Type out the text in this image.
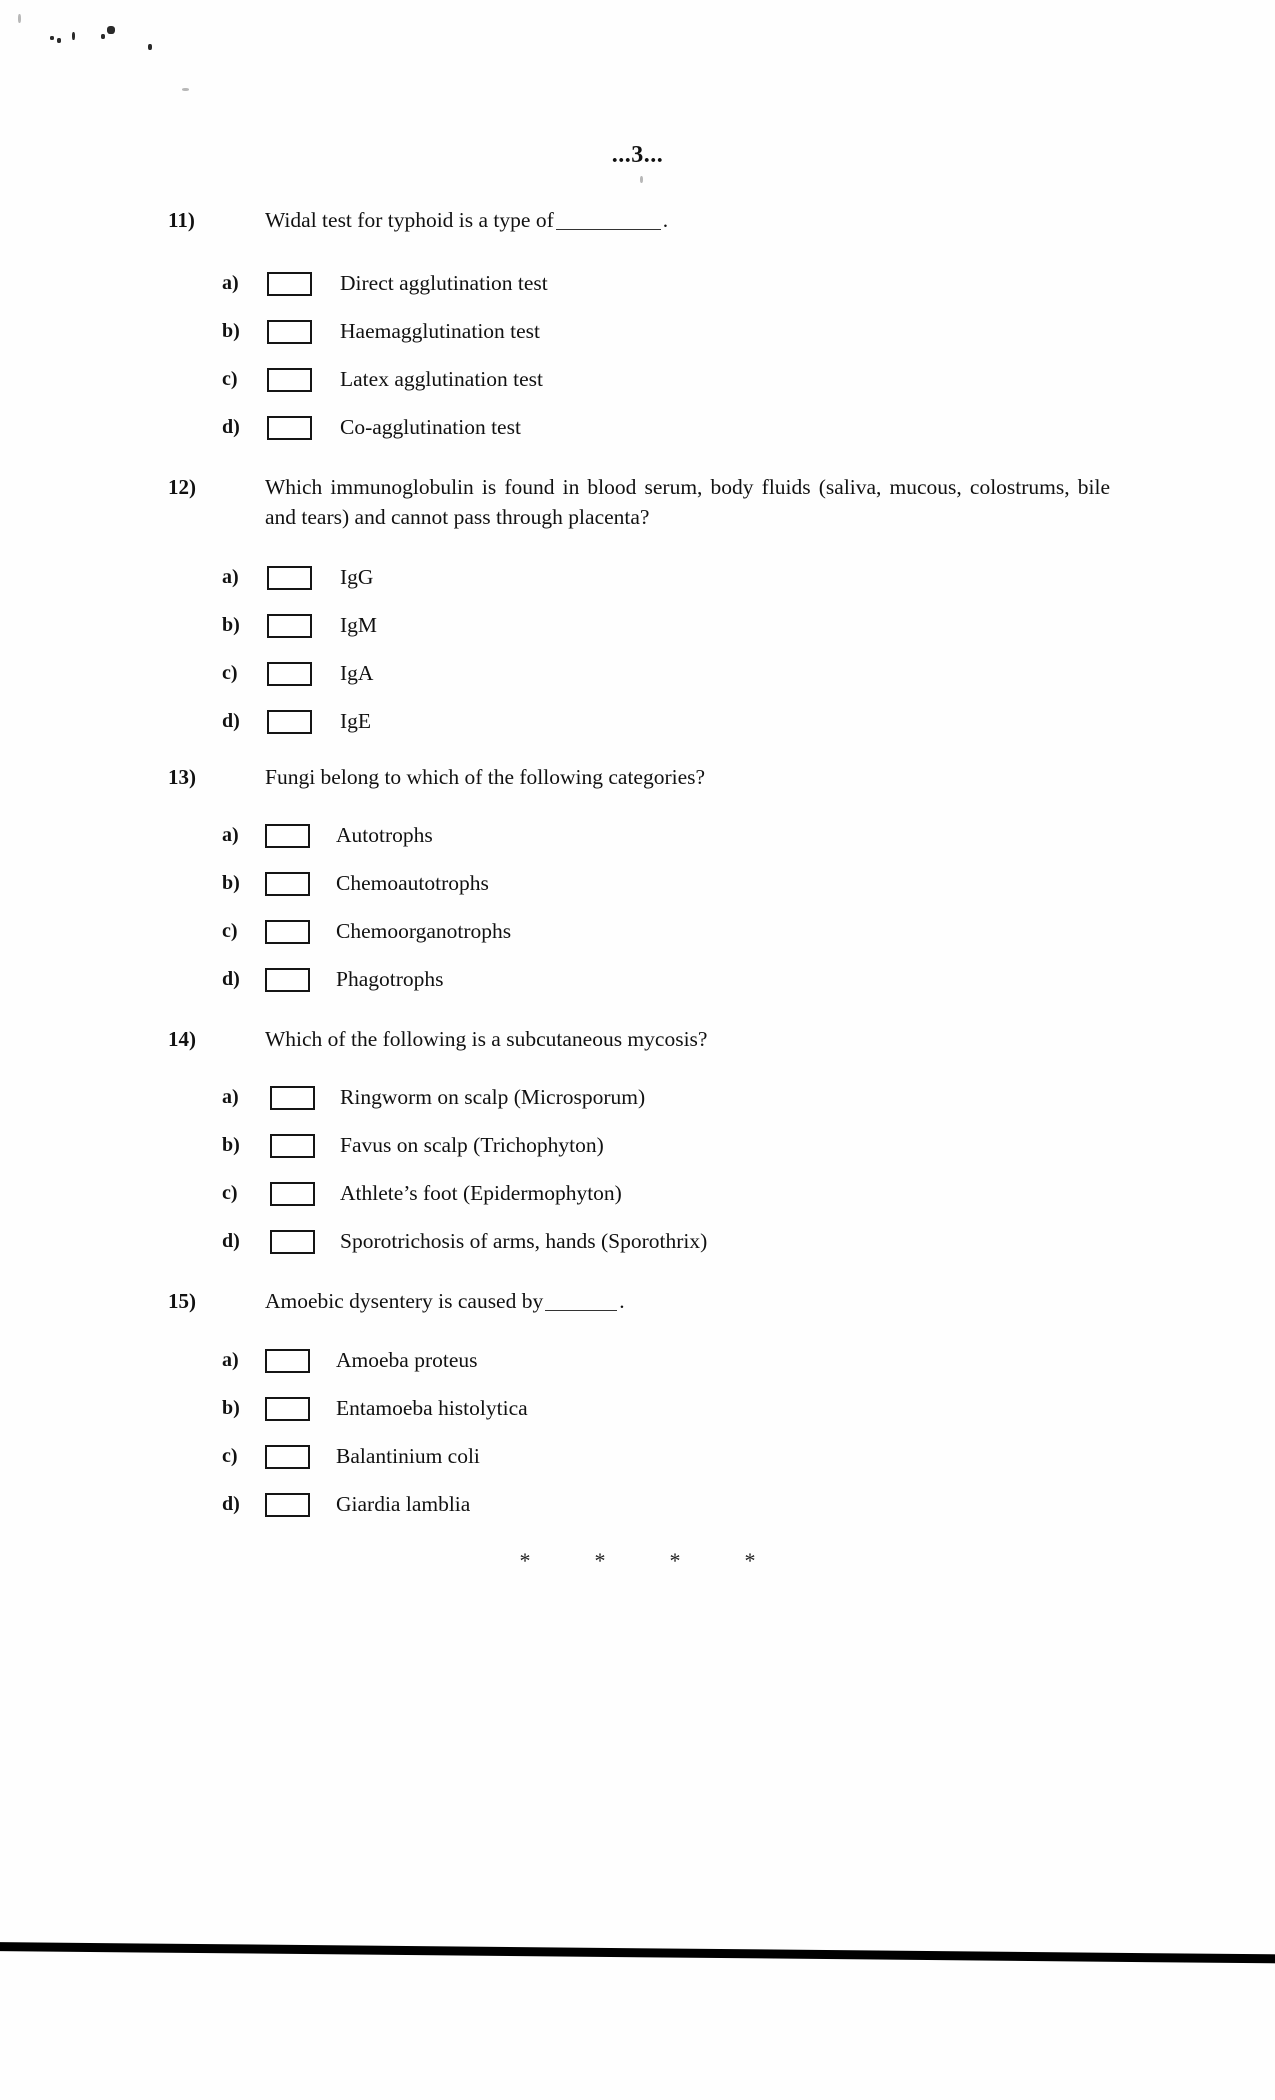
...3...
11)	Widal test for typhoid is a type of	.
a)	Direct agglutination test
b)	Haemagglutination test
c)	Latex agglutination test
d)	Co-agglutination test
12)	Which immunoglobulin is found in blood serum, body fluids (saliva, mucous, colostrums, bile and tears) and cannot pass through placenta?
a)	IgG
b)	IgM
c)	IgA
d)	IgE
13)	Fungi belong to which of the following categories?
a)	Autotrophs
b)	Chemoautotrophs
c)	Chemoorganotrophs
d)	Phagotrophs
14)	Which of the following is a subcutaneous mycosis?
a)	Ringworm on scalp (Microsporum)
b)	Favus on scalp (Trichophyton)
c)	Athlete’s foot (Epidermophyton)
d)	Sporotrichosis of arms, hands (Sporothrix)
15)	Amoebic dysentery is caused by	.
a)	Amoeba proteus
b)	Entamoeba histolytica
c)	Balantinium coli
d)	Giardia lamblia
*	*	*	*
